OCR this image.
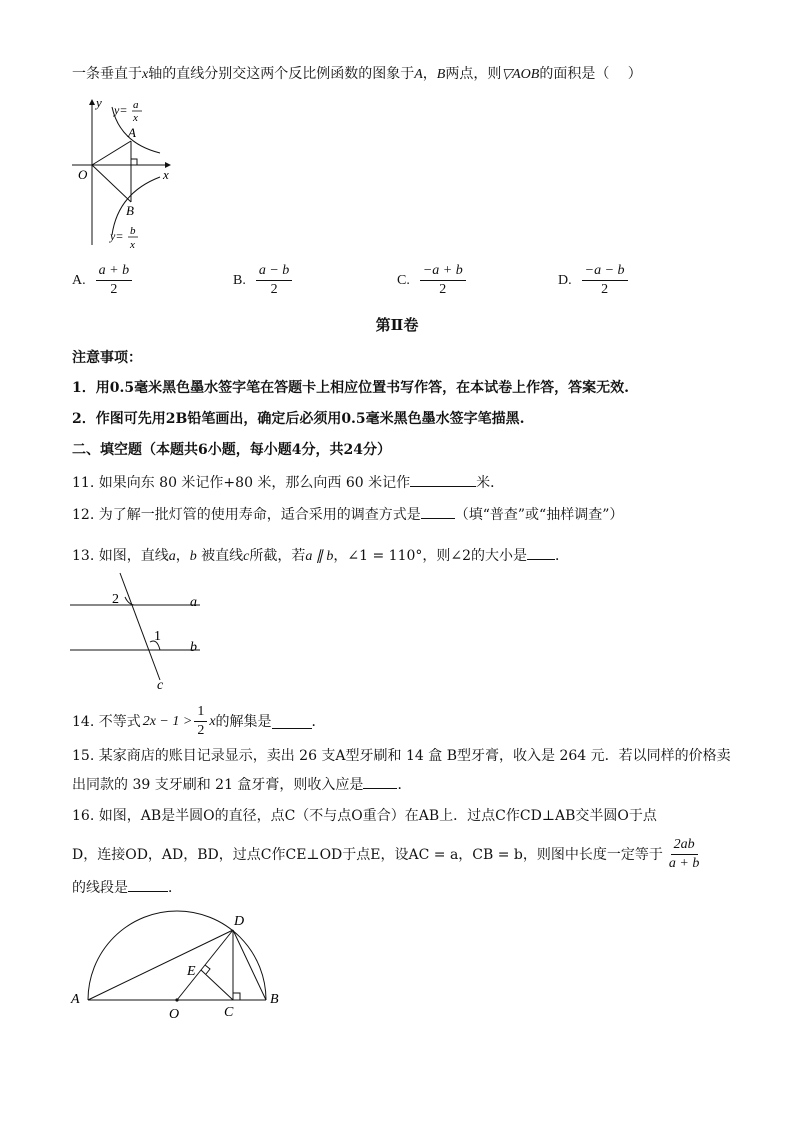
一条垂直于x轴的直线分别交这两个反比例函数的图象于A，B两点，则▽AOB的面积是（　 ）
y
x
O
A
B
y= a
x
y= b
x
A. $\frac{a + b}{2}$	B. $\frac{a - b}{2}$	C. $\frac{-a + b}{2}$	D. $\frac{-a - b}{2}$
第Ⅱ卷
注意事项：
1．用0.5毫米黑色墨水签字笔在答题卡上相应位置书写作答，在本试卷上作答，答案无效.
2．作图可先用2B铅笔画出，确定后必须用0.5毫米黑色墨水签字笔描黑.
二、填空题（本题共6小题，每小题4分，共24分）
11. 如果向东 80 米记作+80 米，那么向西 60 米记作	米．
12. 为了解一批灯管的使用寿命，适合采用的调查方式是 （填“普查”或“抽样调查”）
13. 如图，直线a，b 被直线c所截，若a ∥ b，∠1 = 110°，则∠2的大小是 ．
2
1
a
b
c
14. 不等式 $2x - 1 > \frac{1}{2}$ x 的解集是	．
15. 某家商店的账目记录显示，卖出 26 支A型牙刷和 14 盒 B型牙膏，收入是 264 元．若以同样的价格卖
出同款的 39 支牙刷和 21 盒牙膏，则收入应是 ．
16. 如图，AB是半圆O的直径，点C（不与点O重合）在AB上．过点C作CD⊥AB交半圆O于点
D，连接OD，AD，BD，过点C作CE⊥OD于点E，设AC = a，CB = b，则图中长度一定等于 $\frac{2ab}{a + b}$
的线段是	．
A	B
O	C
D
E
